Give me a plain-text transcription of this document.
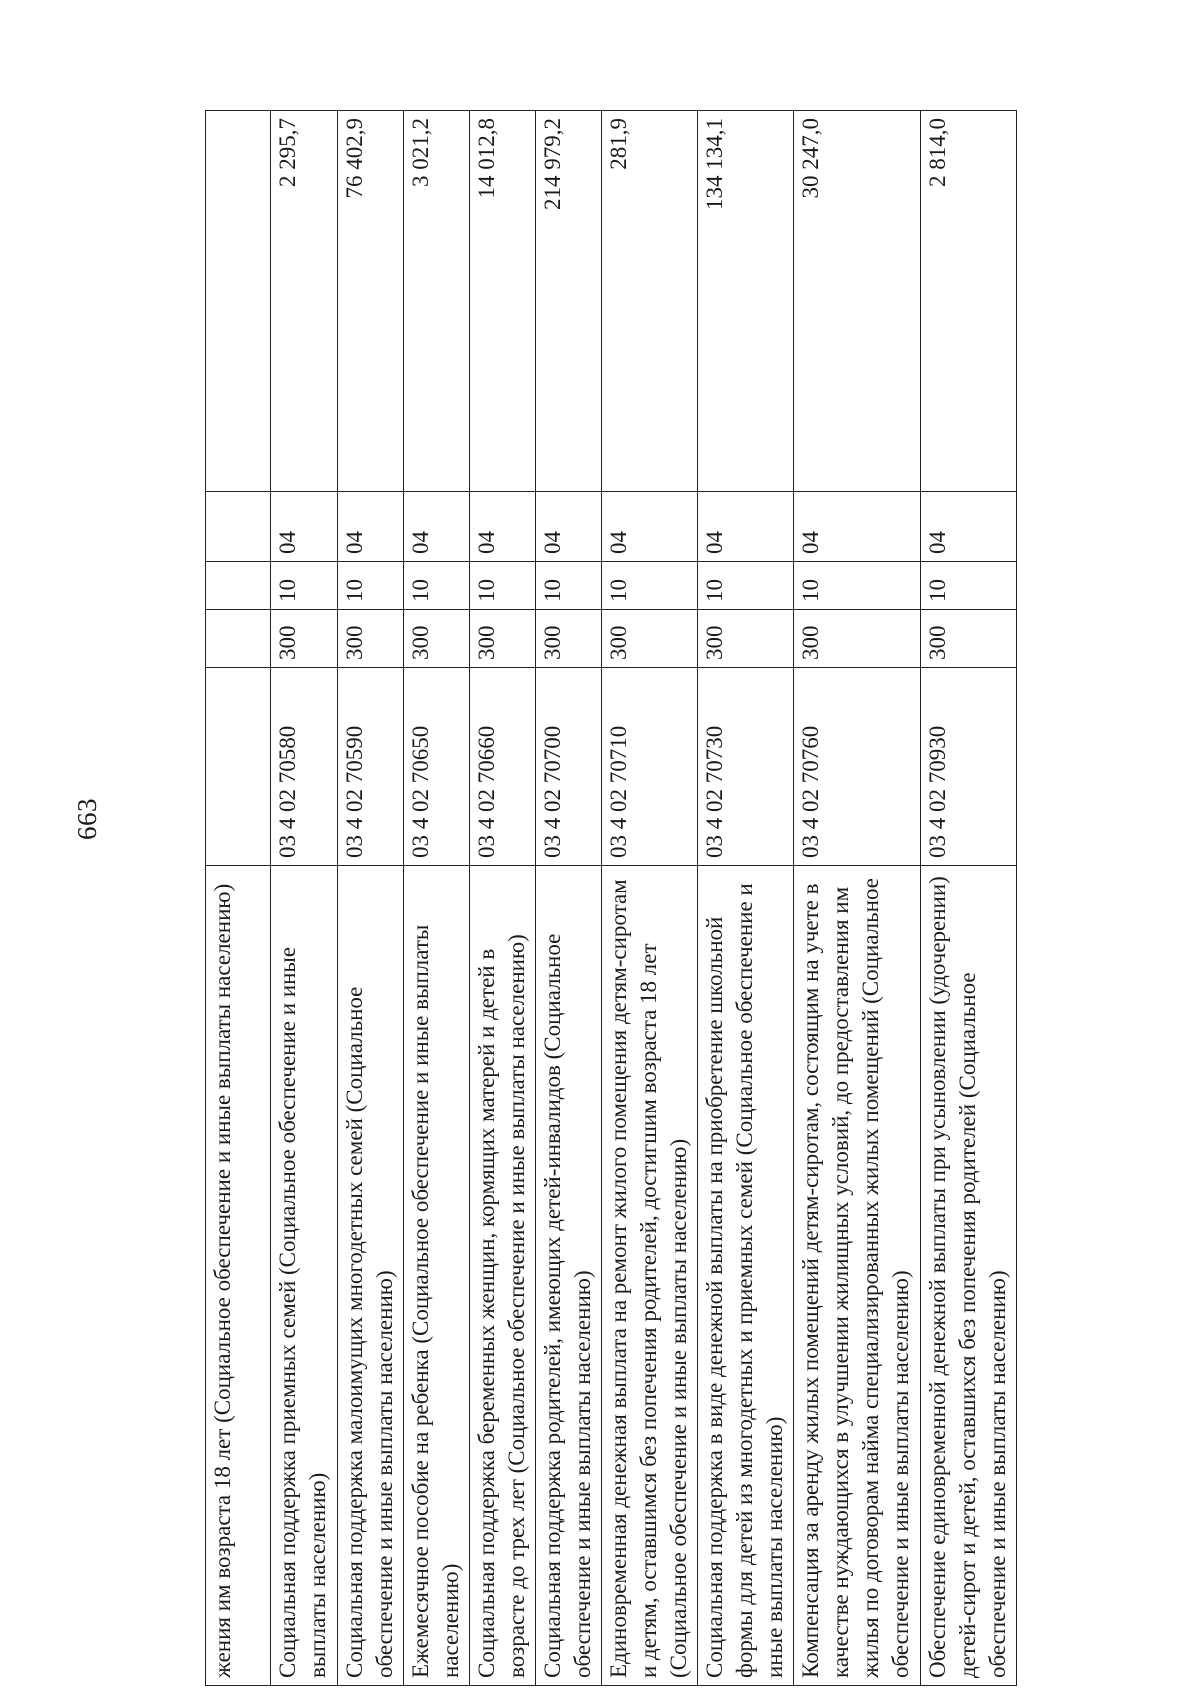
663
жения им возраста 18 лет (Социальное обеспечение и иные выплаты населению)					
Социальная поддержка приемных семей (Социальное обеспечение и иные выплаты населению)	03 4 02 70580	300	10	04	2 295,7
Социальная поддержка малоимущих многодетных семей (Социальное обеспечение и иные выплаты населению)	03 4 02 70590	300	10	04	76 402,9
Ежемесячное пособие на ребенка (Социальное обеспечение и иные выплаты населению)	03 4 02 70650	300	10	04	3 021,2
Социальная поддержка беременных женщин, кормящих матерей и детей в возрасте до трех лет (Социальное обеспечение и иные выплаты населению)	03 4 02 70660	300	10	04	14 012,8
Социальная поддержка родителей, имеющих детей-инвалидов (Социальное обеспечение и иные выплаты населению)	03 4 02 70700	300	10	04	214 979,2
Единовременная денежная выплата на ремонт жилого помещения детям-сиротам и детям, оставшимся без попечения родителей, достигшим возраста 18 лет (Социальное обеспечение и иные выплаты населению)	03 4 02 70710	300	10	04	281,9
Социальная поддержка в виде денежной выплаты на приобретение школьной формы для детей из многодетных и приемных семей (Социальное обеспечение и иные выплаты населению)	03 4 02 70730	300	10	04	134 134,1
Компенсация за аренду жилых помещений детям-сиротам, состоящим на учете в качестве нуждающихся в улучшении жилищных условий, до предоставления им жилья по договорам найма специализированных жилых помещений (Социальное обеспечение и иные выплаты населению)	03 4 02 70760	300	10	04	30 247,0
Обеспечение единовременной денежной выплаты при усыновлении (удочерении) детей-сирот и детей, оставшихся без попечения родителей (Социальное обеспечение и иные выплаты населению)	03 4 02 70930	300	10	04	2 814,0
